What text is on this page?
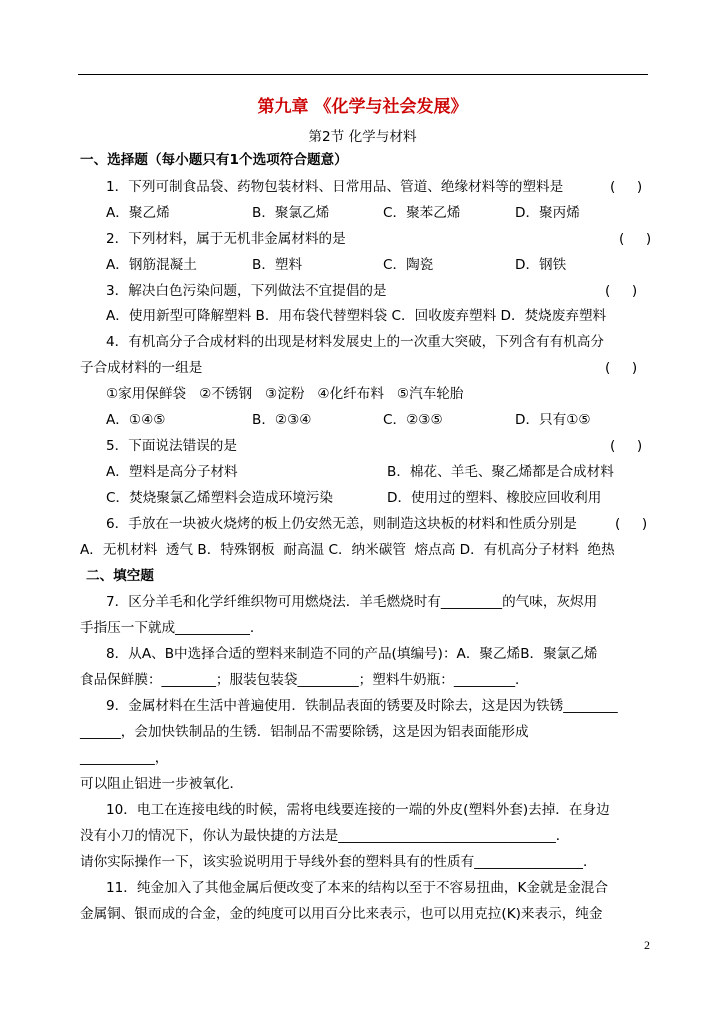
第九章 《化学与社会发展》
第2节 化学与材料
一、选择题（每小题只有1个选项符合题意）
1．下列可制食品袋、药物包装材料、日常用品、管道、绝缘材料等的塑料是	(     )
A．聚乙烯	B．聚氯乙烯	C．聚苯乙烯	D．聚丙烯
2．下列材料，属于无机非金属材料的是	(     )
A．钢筋混凝土	B．塑料	C．陶瓷	D．钢铁
3．解决白色污染问题，下列做法不宜提倡的是	(     )
A．使用新型可降解塑料 B．用布袋代替塑料袋 C．回收废弃塑料 D．焚烧废弃塑料
4．有机高分子合成材料的出现是材料发展史上的一次重大突破，下列含有有机高分
子合成材料的一组是	(     )
①家用保鲜袋   ②不锈钢   ③淀粉   ④化纤布料   ⑤汽车轮胎
A．①④⑤	B．②③④	C．②③⑤	D．只有①⑤
5．下面说法错误的是	(     )
A．塑料是高分子材料	B．棉花、羊毛、聚乙烯都是合成材料
C．焚烧聚氯乙烯塑料会造成环境污染	D．使用过的塑料、橡胶应回收利用
6．手放在一块被火烧烤的板上仍安然无恙，则制造这块板的材料和性质分别是	(     )
A．无机材料  透气 B．特殊钢板  耐高温 C．纳米碳管  熔点高 D．有机高分子材料  绝热
二、填空题
7．区分羊毛和化学纤维织物可用燃烧法．羊毛燃烧时有_________的气味，灰烬用
手指压一下就成___________．
8．从A、B中选择合适的塑料来制造不同的产品(填编号)：A．聚乙烯B．聚氯乙烯
食品保鲜膜：________；服装包装袋_________；塑料牛奶瓶：_________．
9．金属材料在生活中普遍使用．铁制品表面的锈要及时除去，这是因为铁锈________
______，会加快铁制品的生锈．铝制品不需要除锈，这是因为铝表面能形成
___________，
可以阻止铝进一步被氧化．
10．电工在连接电线的时候，需将电线要连接的一端的外皮(塑料外套)去掉．在身边
没有小刀的情况下，你认为最快捷的方法是________________________________．
请你实际操作一下，该实验说明用于导线外套的塑料具有的性质有________________．
11．纯金加入了其他金属后便改变了本来的结构以至于不容易扭曲，K金就是金混合
金属铜、银而成的合金，金的纯度可以用百分比来表示，也可以用克拉(K)来表示，纯金
2
